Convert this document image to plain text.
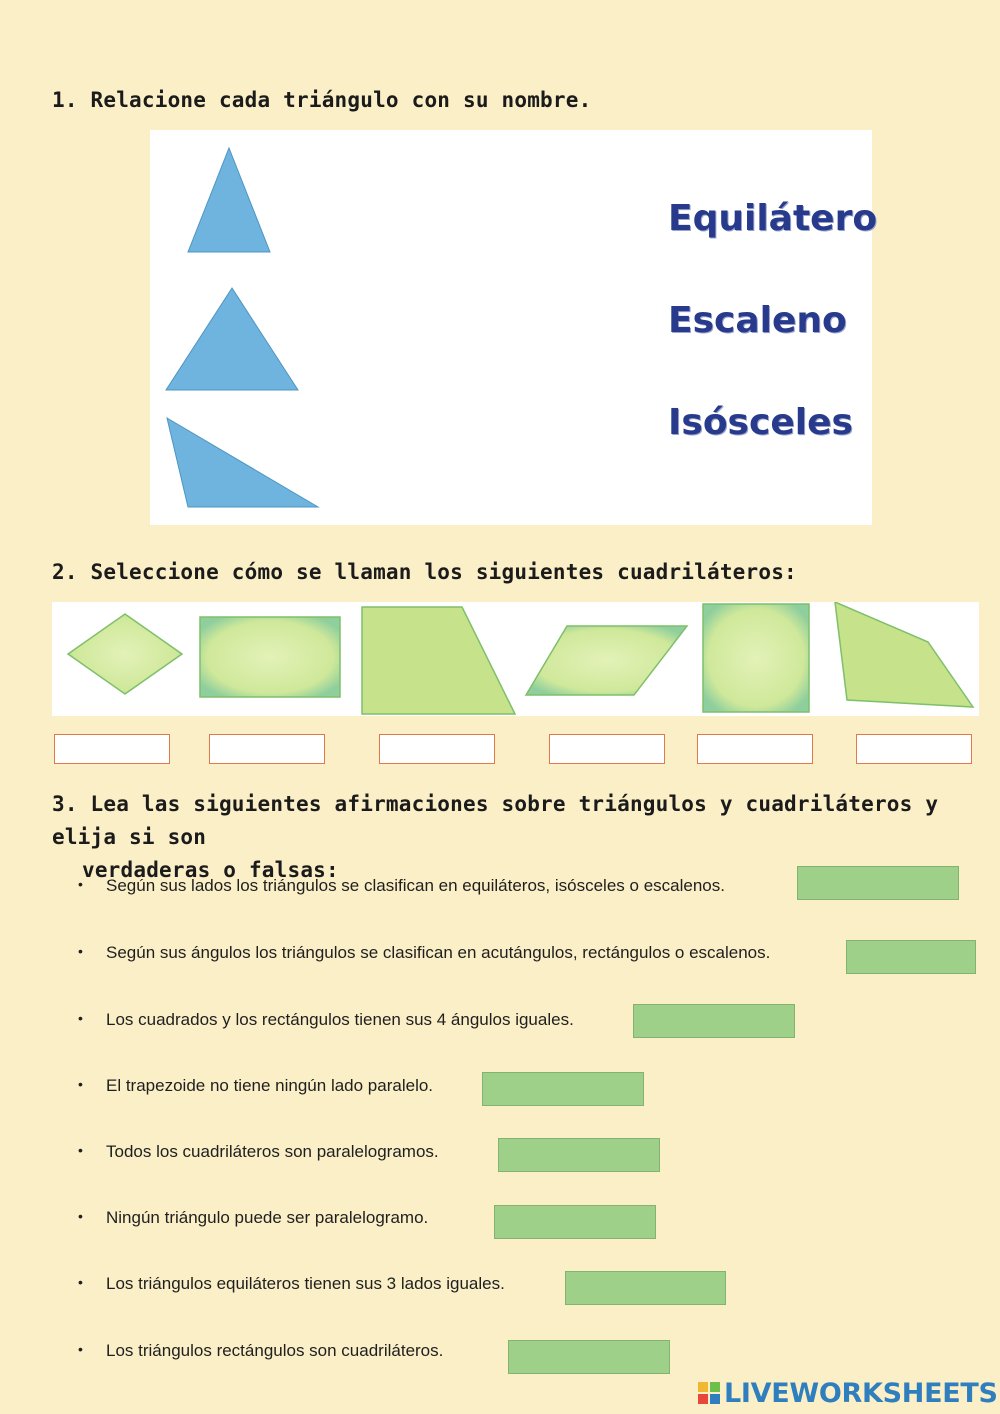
1. Relacione cada triángulo con su nombre.
Equilátero
Escaleno
Isósceles
2. Seleccione cómo se llaman los siguientes cuadriláteros:
3. Lea las siguientes afirmaciones sobre triángulos y cuadriláteros y elija si son
verdaderas o falsas:
• Según sus lados los triángulos se clasifican en equiláteros, isósceles o escalenos.
• Según sus ángulos los triángulos se clasifican en acutángulos, rectángulos o escalenos.
• Los cuadrados y los rectángulos tienen sus 4 ángulos iguales.
• El trapezoide no tiene ningún lado paralelo.
• Todos los cuadriláteros son paralelogramos.
• Ningún triángulo puede ser paralelogramo.
• Los triángulos equiláteros tienen sus 3 lados iguales.
• Los triángulos rectángulos son cuadriláteros.
LIVEWORKSHEETS
